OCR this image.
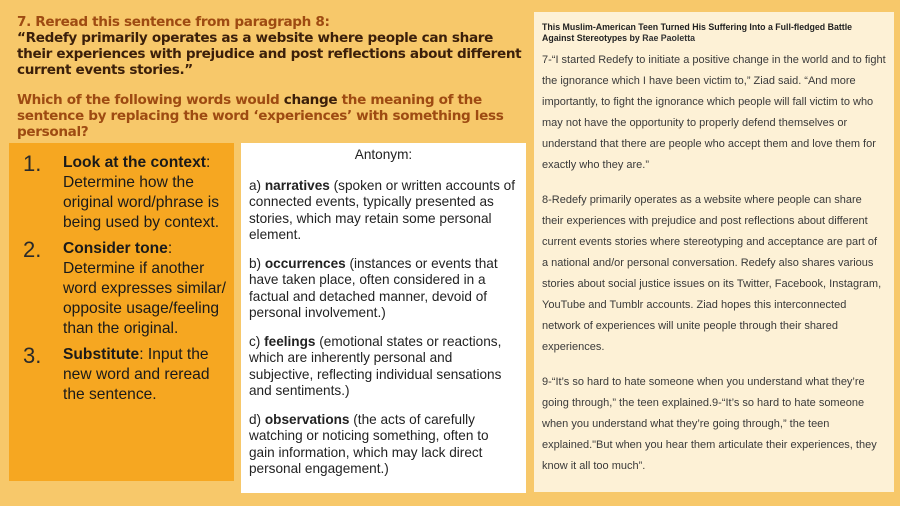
7. Reread this sentence from paragraph 8:
“Redefy primarily operates as a website where people can share their experiences with prejudice and post reflections about different current events stories.”
Which of the following words would change the meaning of the sentence by replacing the word ‘experiences’ with something less personal?
1.	Look at the context: Determine how the original word/phrase is being used by context.
2.	Consider tone: Determine if another word expresses similar/ opposite usage/feeling than the original.
3.	Substitute: Input the new word and reread the sentence.
Antonym:
a) narratives (spoken or written accounts of connected events, typically presented as stories, which may retain some personal element.
b) occurrences (instances or events that have taken place, often considered in a factual and detached manner, devoid of personal involvement.)
c) feelings (emotional states or reactions, which are inherently personal and subjective, reflecting individual sensations and sentiments.)
d) observations (the acts of carefully watching or noticing something, often to gain information, which may lack direct personal engagement.)
This Muslim-American Teen Turned His Suffering Into a Full-fledged Battle Against Stereotypes by Rae Paoletta

7-“I started Redefy to initiate a positive change in the world and to fight the ignorance which I have been victim to,” Ziad said. “And more importantly, to fight the ignorance which people will fall victim to who may not have the opportunity to properly defend themselves or understand that there are people who accept them and love them for exactly who they are.”

8-Redefy primarily operates as a website where people can share their experiences with prejudice and post reflections about different current events stories where stereotyping and acceptance are part of a national and/or personal conversation. Redefy also shares various stories about social justice issues on its Twitter, Facebook, Instagram, YouTube and Tumblr accounts. Ziad hopes this interconnected network of experiences will unite people through their shared experiences.

9-“It’s so hard to hate someone when you understand what they’re going through,” the teen explained.9-“It’s so hard to hate someone when you understand what they’re going through,” the teen explained."But when you hear them articulate their experiences, they know it all too much”.
